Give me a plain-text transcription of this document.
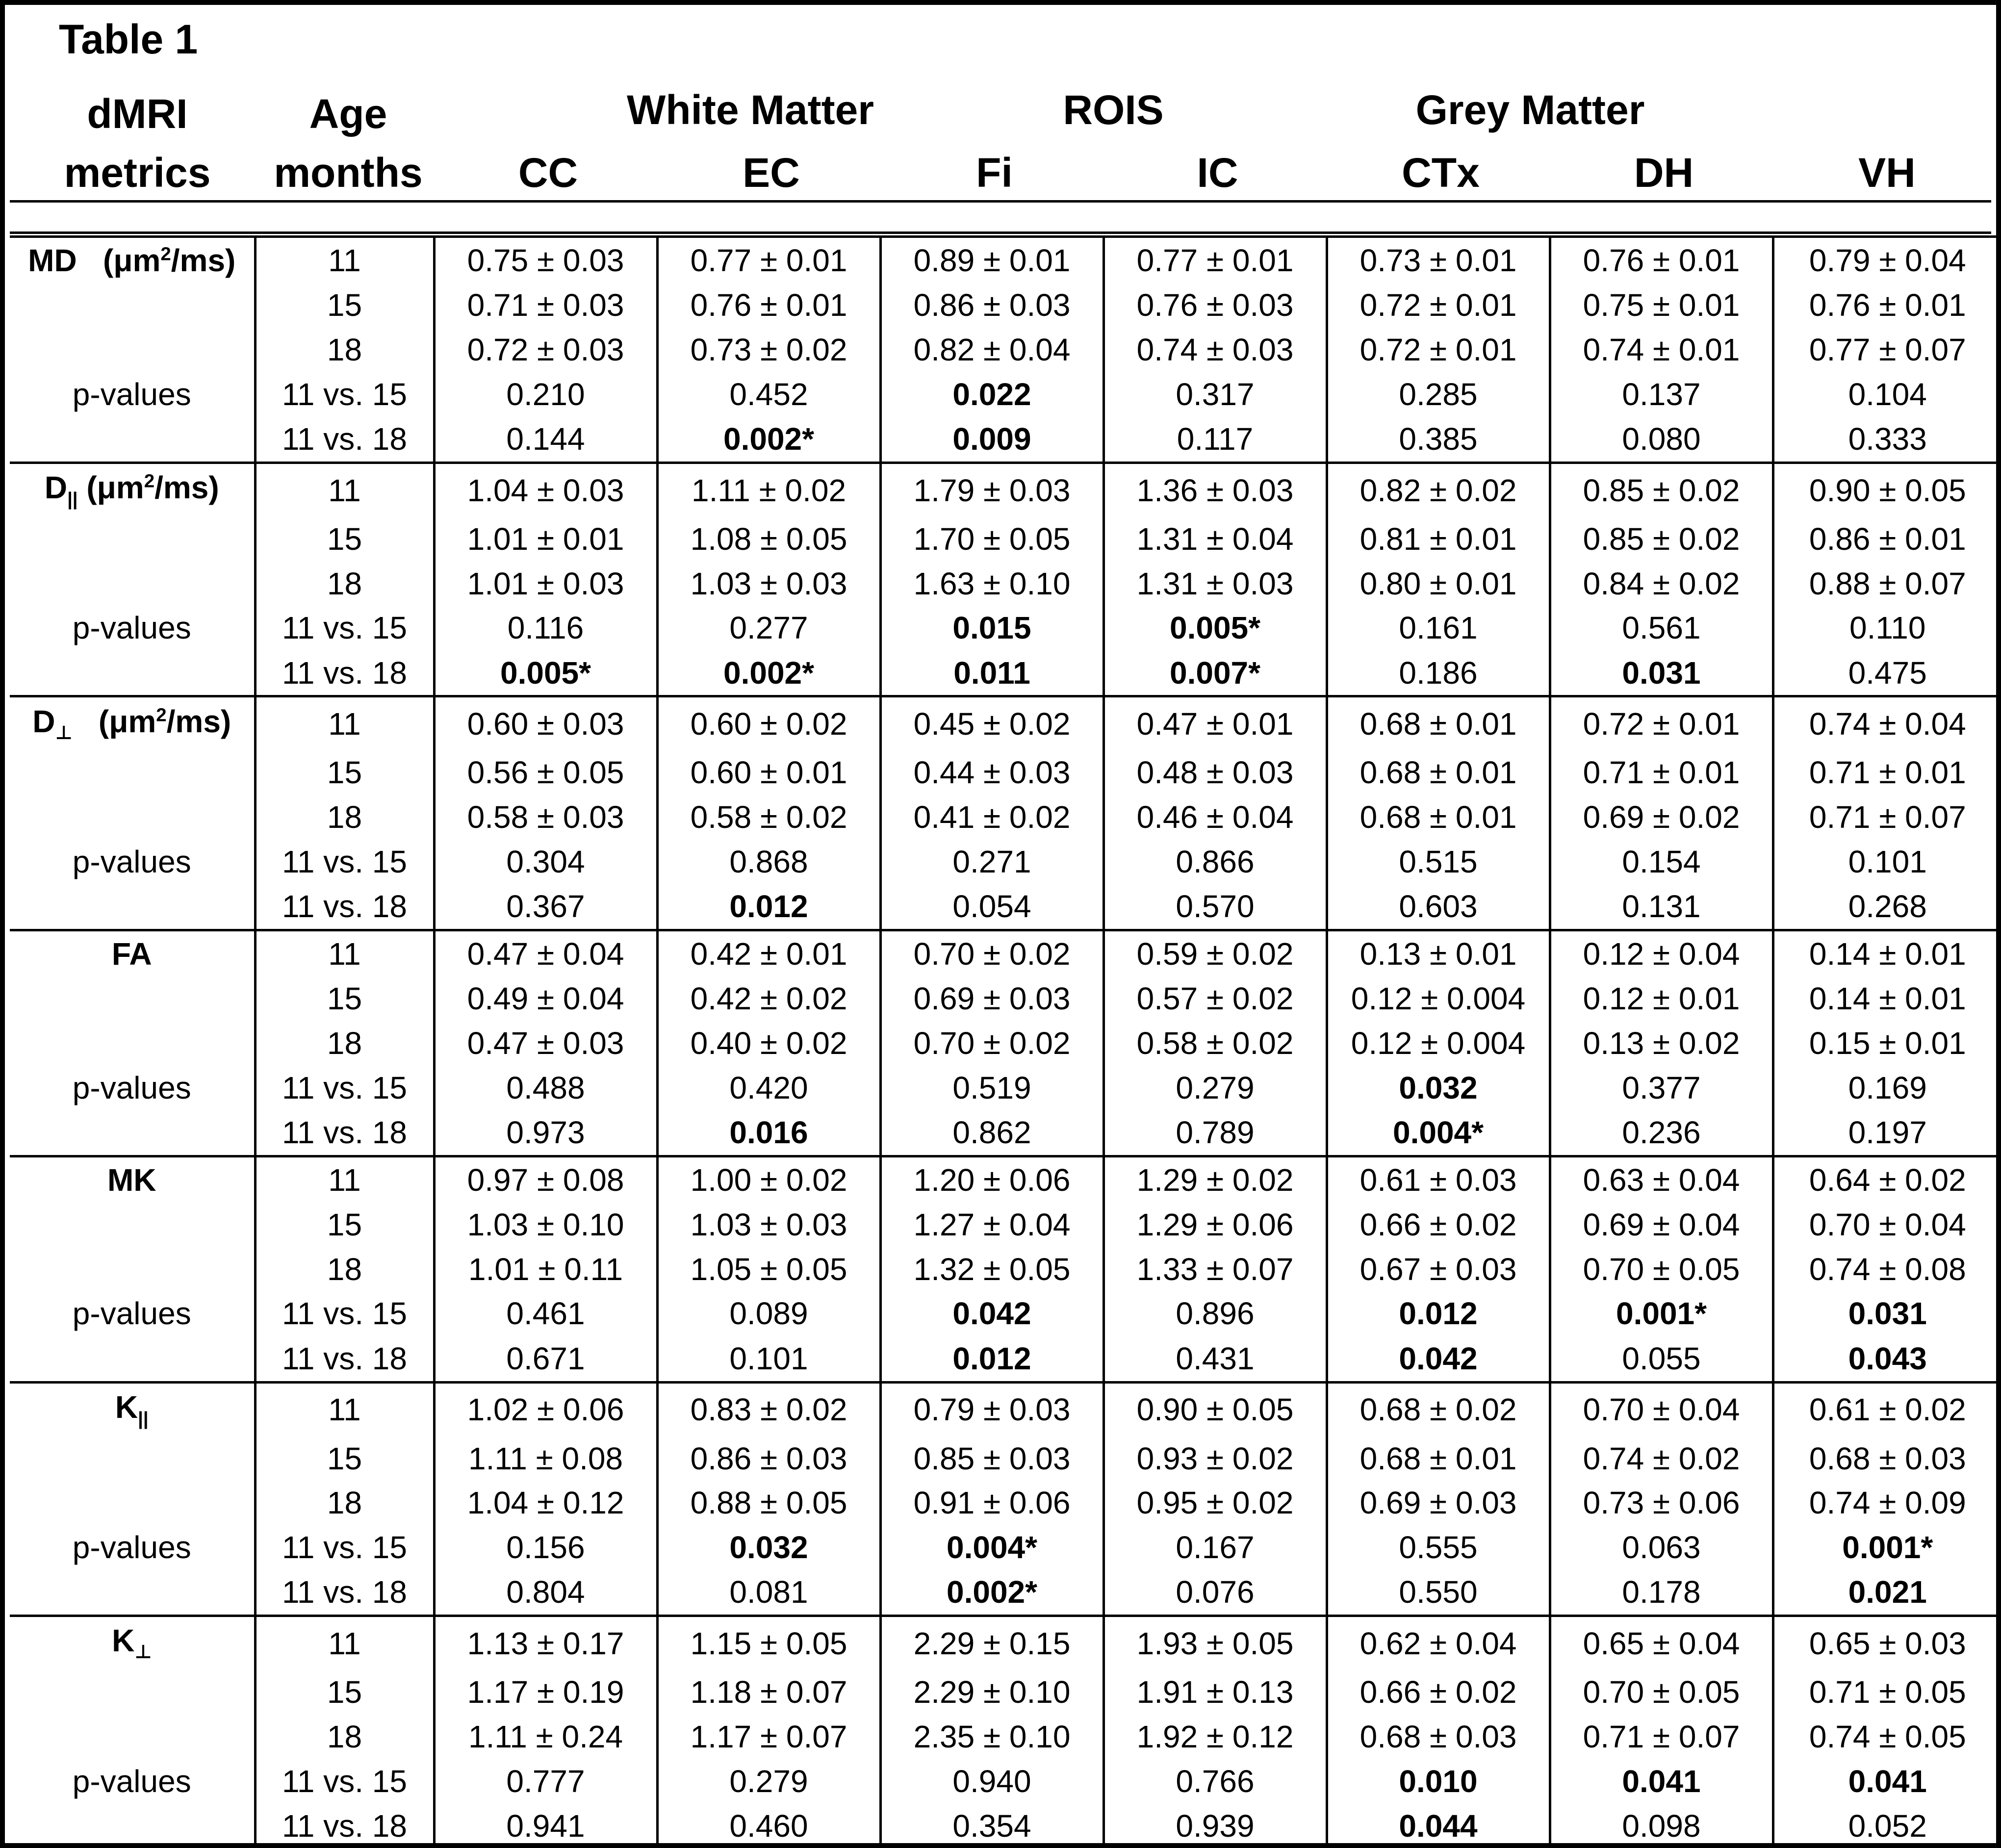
Table 1
dMRI	Age	White Matter	ROIS	Grey Matter
metrics	months	CC	EC	Fi	IC	CTx	DH	VH
MD   $(\mu m^2/ms)$	11	0.75 ± 0.03	0.77 ± 0.01	0.89 ± 0.01	0.77 ± 0.01	0.73 ± 0.01	0.76 ± 0.01	0.79 ± 0.04
	15	0.71 ± 0.03	0.76 ± 0.01	0.86 ± 0.03	0.76 ± 0.03	0.72 ± 0.01	0.75 ± 0.01	0.76 ± 0.01
	18	0.72 ± 0.03	0.73 ± 0.02	0.82 ± 0.04	0.74 ± 0.03	0.72 ± 0.01	0.74 ± 0.01	0.77 ± 0.07
p-values	11 vs. 15	0.210	0.452	0.022	0.317	0.285	0.137	0.104
	11 vs. 18	0.144	0.002*	0.009	0.117	0.385	0.080	0.333
$D_{||}$ $(\mu m^2/ms)$	11	1.04 ± 0.03	1.11 ± 0.02	1.79 ± 0.03	1.36 ± 0.03	0.82 ± 0.02	0.85 ± 0.02	0.90 ± 0.05
	15	1.01 ± 0.01	1.08 ± 0.05	1.70 ± 0.05	1.31 ± 0.04	0.81 ± 0.01	0.85 ± 0.02	0.86 ± 0.01
	18	1.01 ± 0.03	1.03 ± 0.03	1.63 ± 0.10	1.31 ± 0.03	0.80 ± 0.01	0.84 ± 0.02	0.88 ± 0.07
p-values	11 vs. 15	0.116	0.277	0.015	0.005*	0.161	0.561	0.110
	11 vs. 18	0.005*	0.002*	0.011	0.007*	0.186	0.031	0.475
$D_\perp$   $(\mu m^2/ms)$	11	0.60 ± 0.03	0.60 ± 0.02	0.45 ± 0.02	0.47 ± 0.01	0.68 ± 0.01	0.72 ± 0.01	0.74 ± 0.04
	15	0.56 ± 0.05	0.60 ± 0.01	0.44 ± 0.03	0.48 ± 0.03	0.68 ± 0.01	0.71 ± 0.01	0.71 ± 0.01
	18	0.58 ± 0.03	0.58 ± 0.02	0.41 ± 0.02	0.46 ± 0.04	0.68 ± 0.01	0.69 ± 0.02	0.71 ± 0.07
p-values	11 vs. 15	0.304	0.868	0.271	0.866	0.515	0.154	0.101
	11 vs. 18	0.367	0.012	0.054	0.570	0.603	0.131	0.268
FA	11	0.47 ± 0.04	0.42 ± 0.01	0.70 ± 0.02	0.59 ± 0.02	0.13 ± 0.01	0.12 ± 0.04	0.14 ± 0.01
	15	0.49 ± 0.04	0.42 ± 0.02	0.69 ± 0.03	0.57 ± 0.02	0.12 ± 0.004	0.12 ± 0.01	0.14 ± 0.01
	18	0.47 ± 0.03	0.40 ± 0.02	0.70 ± 0.02	0.58 ± 0.02	0.12 ± 0.004	0.13 ± 0.02	0.15 ± 0.01
p-values	11 vs. 15	0.488	0.420	0.519	0.279	0.032	0.377	0.169
	11 vs. 18	0.973	0.016	0.862	0.789	0.004*	0.236	0.197
MK	11	0.97 ± 0.08	1.00 ± 0.02	1.20 ± 0.06	1.29 ± 0.02	0.61 ± 0.03	0.63 ± 0.04	0.64 ± 0.02
	15	1.03 ± 0.10	1.03 ± 0.03	1.27 ± 0.04	1.29 ± 0.06	0.66 ± 0.02	0.69 ± 0.04	0.70 ± 0.04
	18	1.01 ± 0.11	1.05 ± 0.05	1.32 ± 0.05	1.33 ± 0.07	0.67 ± 0.03	0.70 ± 0.05	0.74 ± 0.08
p-values	11 vs. 15	0.461	0.089	0.042	0.896	0.012	0.001*	0.031
	11 vs. 18	0.671	0.101	0.012	0.431	0.042	0.055	0.043
$K_{||}$	11	1.02 ± 0.06	0.83 ± 0.02	0.79 ± 0.03	0.90 ± 0.05	0.68 ± 0.02	0.70 ± 0.04	0.61 ± 0.02
	15	1.11 ± 0.08	0.86 ± 0.03	0.85 ± 0.03	0.93 ± 0.02	0.68 ± 0.01	0.74 ± 0.02	0.68 ± 0.03
	18	1.04 ± 0.12	0.88 ± 0.05	0.91 ± 0.06	0.95 ± 0.02	0.69 ± 0.03	0.73 ± 0.06	0.74 ± 0.09
p-values	11 vs. 15	0.156	0.032	0.004*	0.167	0.555	0.063	0.001*
	11 vs. 18	0.804	0.081	0.002*	0.076	0.550	0.178	0.021
$K_\perp$	11	1.13 ± 0.17	1.15 ± 0.05	2.29 ± 0.15	1.93 ± 0.05	0.62 ± 0.04	0.65 ± 0.04	0.65 ± 0.03
	15	1.17 ± 0.19	1.18 ± 0.07	2.29 ± 0.10	1.91 ± 0.13	0.66 ± 0.02	0.70 ± 0.05	0.71 ± 0.05
	18	1.11 ± 0.24	1.17 ± 0.07	2.35 ± 0.10	1.92 ± 0.12	0.68 ± 0.03	0.71 ± 0.07	0.74 ± 0.05
p-values	11 vs. 15	0.777	0.279	0.940	0.766	0.010	0.041	0.041
	11 vs. 18	0.941	0.460	0.354	0.939	0.044	0.098	0.052
